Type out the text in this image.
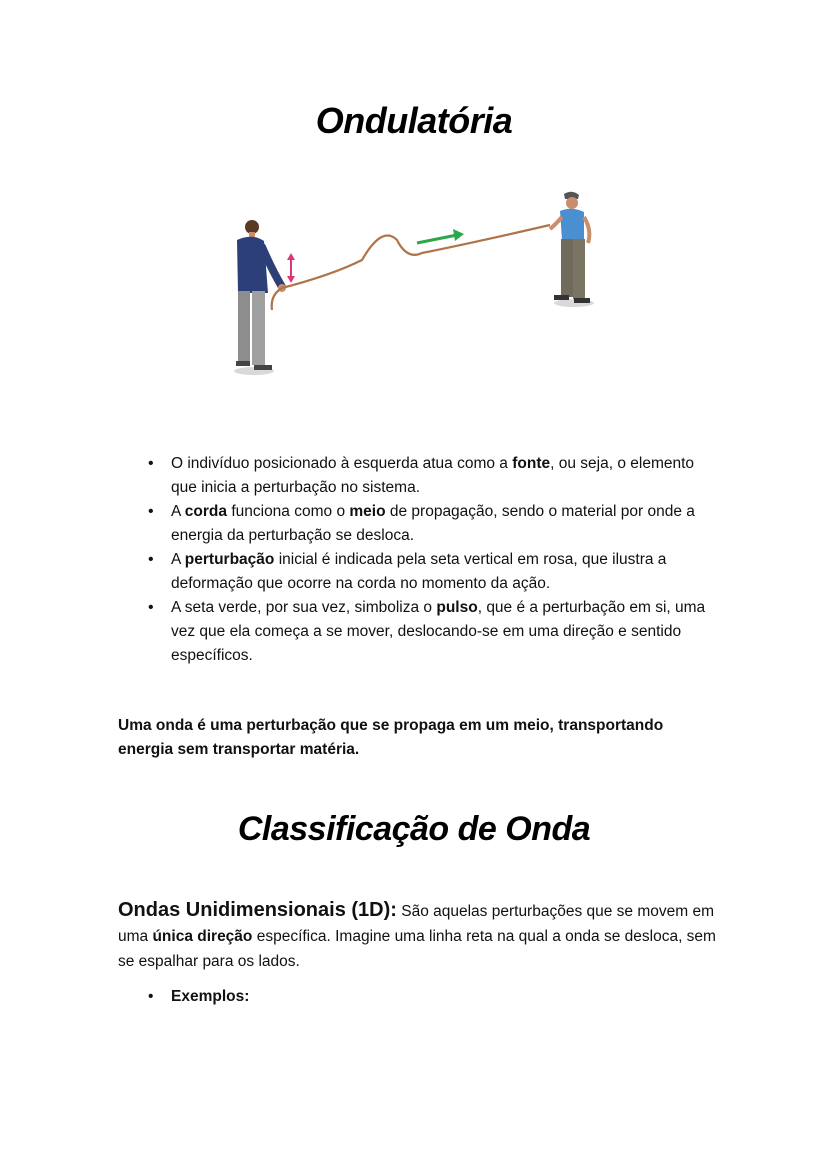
Ondulatória
• O indivíduo posicionado à esquerda atua como a fonte, ou seja, o elemento que inicia a perturbação no sistema.
• A corda funciona como o meio de propagação, sendo o material por onde a energia da perturbação se desloca.
• A perturbação inicial é indicada pela seta vertical em rosa, que ilustra a deformação que ocorre na corda no momento da ação.
• A seta verde, por sua vez, simboliza o pulso, que é a perturbação em si, uma vez que ela começa a se mover, deslocando-se em uma direção e sentido específicos.
Uma onda é uma perturbação que se propaga em um meio, transportando energia sem transportar matéria.
Classificação de Onda
Ondas Unidimensionais (1D): São aquelas perturbações que se movem em uma única direção específica. Imagine uma linha reta na qual a onda se desloca, sem se espalhar para os lados.
• Exemplos:
